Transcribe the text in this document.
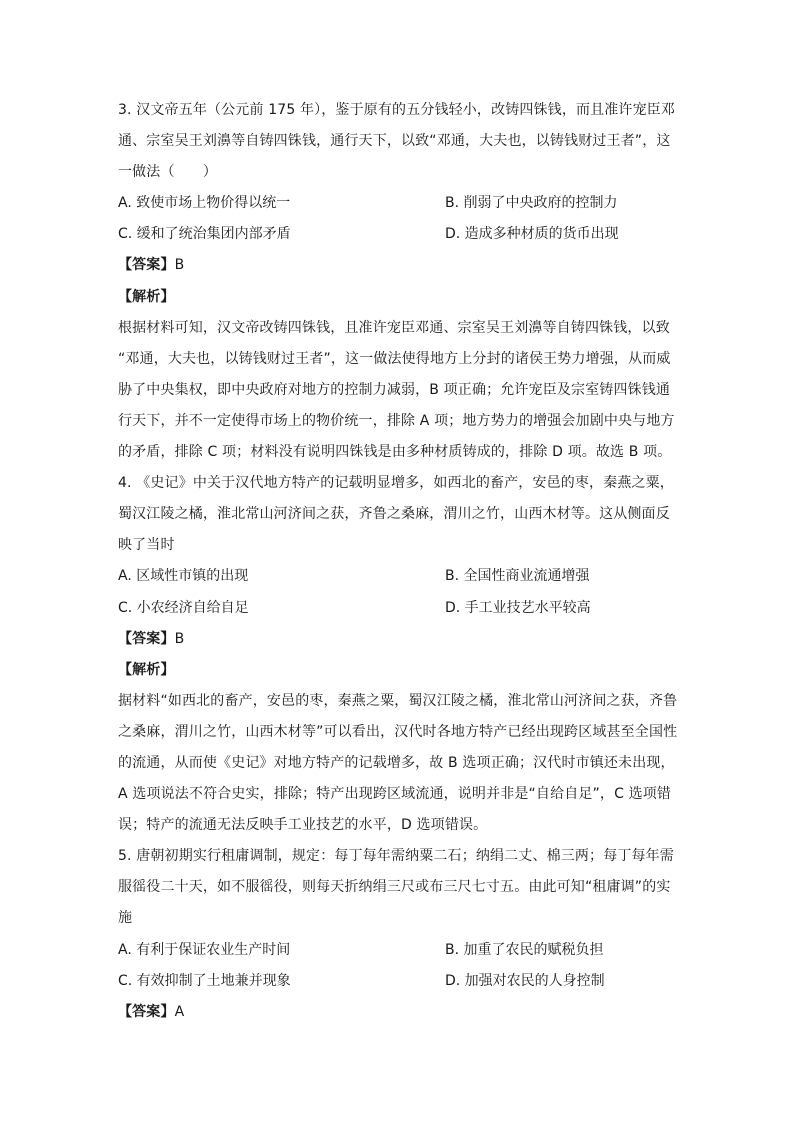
3. 汉文帝五年（公元前 175 年），鉴于原有的五分钱轻小，改铸四铢钱，而且准许宠臣邓
通、宗室吴王刘濞等自铸四铢钱，通行天下，以致“邓通，大夫也，以铸钱财过王者”，这
一做法（　　）
A. 致使市场上物价得以统一	B. 削弱了中央政府的控制力
C. 缓和了统治集团内部矛盾	D. 造成多种材质的货币出现
【答案】B
【解析】
根据材料可知，汉文帝改铸四铢钱，且准许宠臣邓通、宗室吴王刘濞等自铸四铢钱，以致
“邓通，大夫也，以铸钱财过王者”，这一做法使得地方上分封的诸侯王势力增强，从而威
胁了中央集权，即中央政府对地方的控制力减弱，B 项正确；允许宠臣及宗室铸四铢钱通
行天下，并不一定使得市场上的物价统一，排除 A 项；地方势力的增强会加剧中央与地方
的矛盾，排除 C 项；材料没有说明四铢钱是由多种材质铸成的，排除 D 项。故选 B 项。
4. 《史记》中关于汉代地方特产的记载明显增多，如西北的畜产，安邑的枣，秦燕之粟，
蜀汉江陵之橘，淮北常山河济间之获，齐鲁之桑麻，渭川之竹，山西木材等。这从侧面反
映了当时
A. 区域性市镇的出现	B. 全国性商业流通增强
C. 小农经济自给自足	D. 手工业技艺水平较高
【答案】B
【解析】
据材料“如西北的畜产，安邑的枣，秦燕之粟，蜀汉江陵之橘，淮北常山河济间之获，齐鲁
之桑麻，渭川之竹，山西木材等”可以看出，汉代时各地方特产已经出现跨区域甚至全国性
的流通，从而使《史记》对地方特产的记载增多，故 B 选项正确；汉代时市镇还未出现，
A 选项说法不符合史实，排除；特产出现跨区域流通，说明并非是“自给自足”，C 选项错
误；特产的流通无法反映手工业技艺的水平，D 选项错误。
5. 唐朝初期实行租庸调制，规定：每丁每年需纳粟二石；纳绢二丈、棉三两；每丁每年需
服徭役二十天，如不服徭役，则每天折纳绢三尺或布三尺七寸五。由此可知“租庸调”的实
施
A. 有利于保证农业生产时间	B. 加重了农民的赋税负担
C. 有效抑制了土地兼并现象	D. 加强对农民的人身控制
【答案】A
